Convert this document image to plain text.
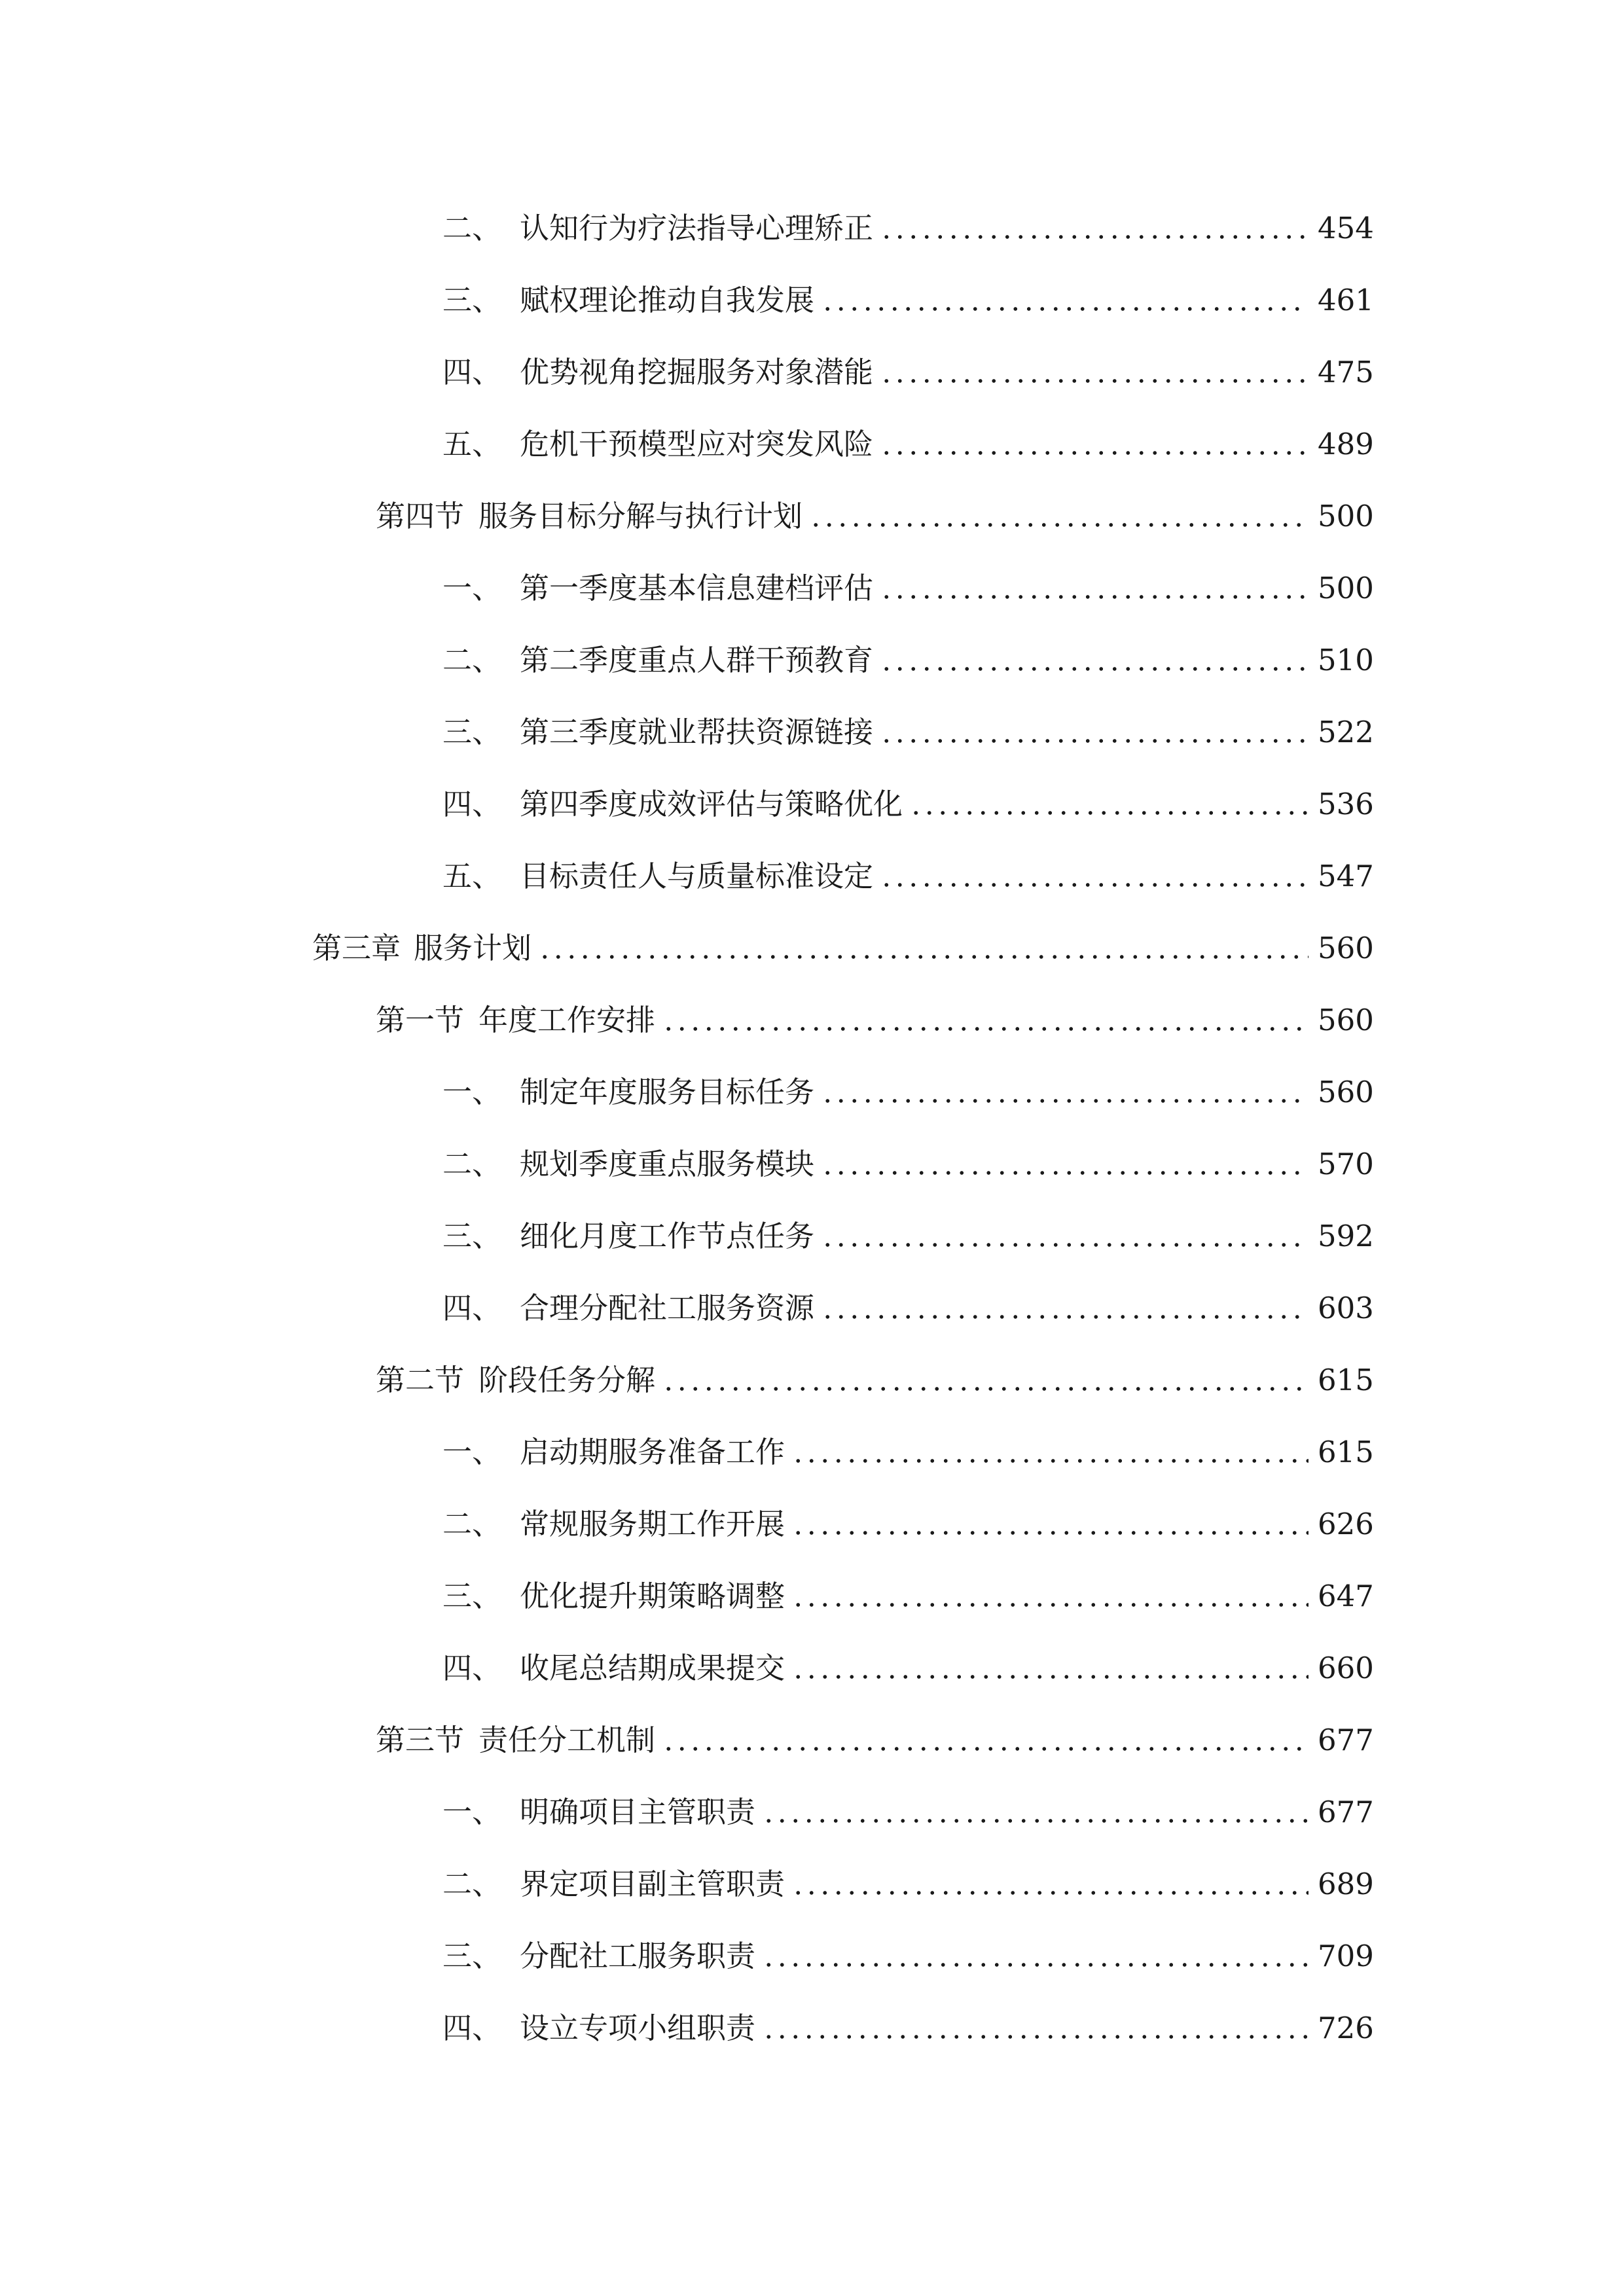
二、 认知行为疗法指导心理矫正	454
三、 赋权理论推动自我发展	461
四、 优势视角挖掘服务对象潜能	475
五、 危机干预模型应对突发风险	489
第四节 服务目标分解与执行计划	500
一、 第一季度基本信息建档评估	500
二、 第二季度重点人群干预教育	510
三、 第三季度就业帮扶资源链接	522
四、 第四季度成效评估与策略优化	536
五、 目标责任人与质量标准设定	547
第三章 服务计划	560
第一节 年度工作安排	560
一、 制定年度服务目标任务	560
二、 规划季度重点服务模块	570
三、 细化月度工作节点任务	592
四、 合理分配社工服务资源	603
第二节 阶段任务分解	615
一、 启动期服务准备工作	615
二、 常规服务期工作开展	626
三、 优化提升期策略调整	647
四、 收尾总结期成果提交	660
第三节 责任分工机制	677
一、 明确项目主管职责	677
二、 界定项目副主管职责	689
三、 分配社工服务职责	709
四、 设立专项小组职责	726
